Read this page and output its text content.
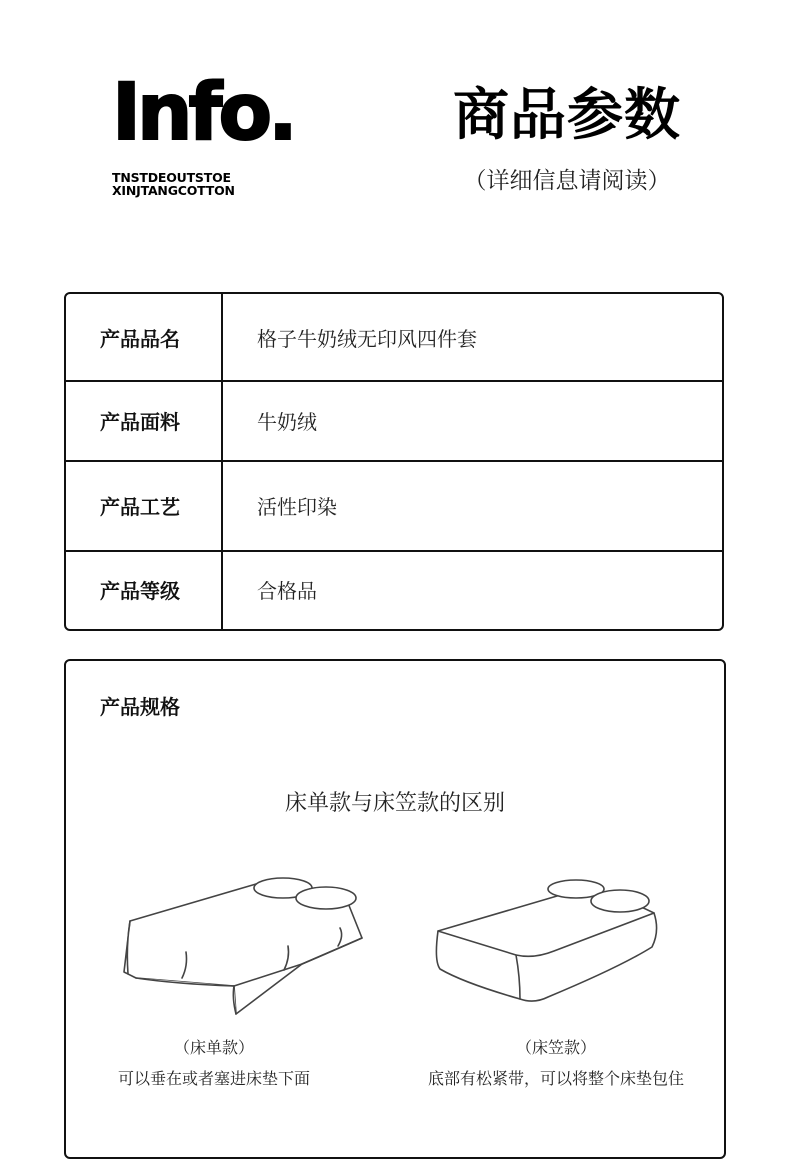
Info.
TNSTDEOUTSTOE
XINJTANGCOTTON
商品参数
（详细信息请阅读）
产品品名	格子牛奶绒无印风四件套
产品面料	牛奶绒
产品工艺	活性印染
产品等级	合格品
产品规格
床单款与床笠款的区别
（床单款）
可以垂在或者塞进床垫下面
（床笠款）
底部有松紧带，可以将整个床垫包住
